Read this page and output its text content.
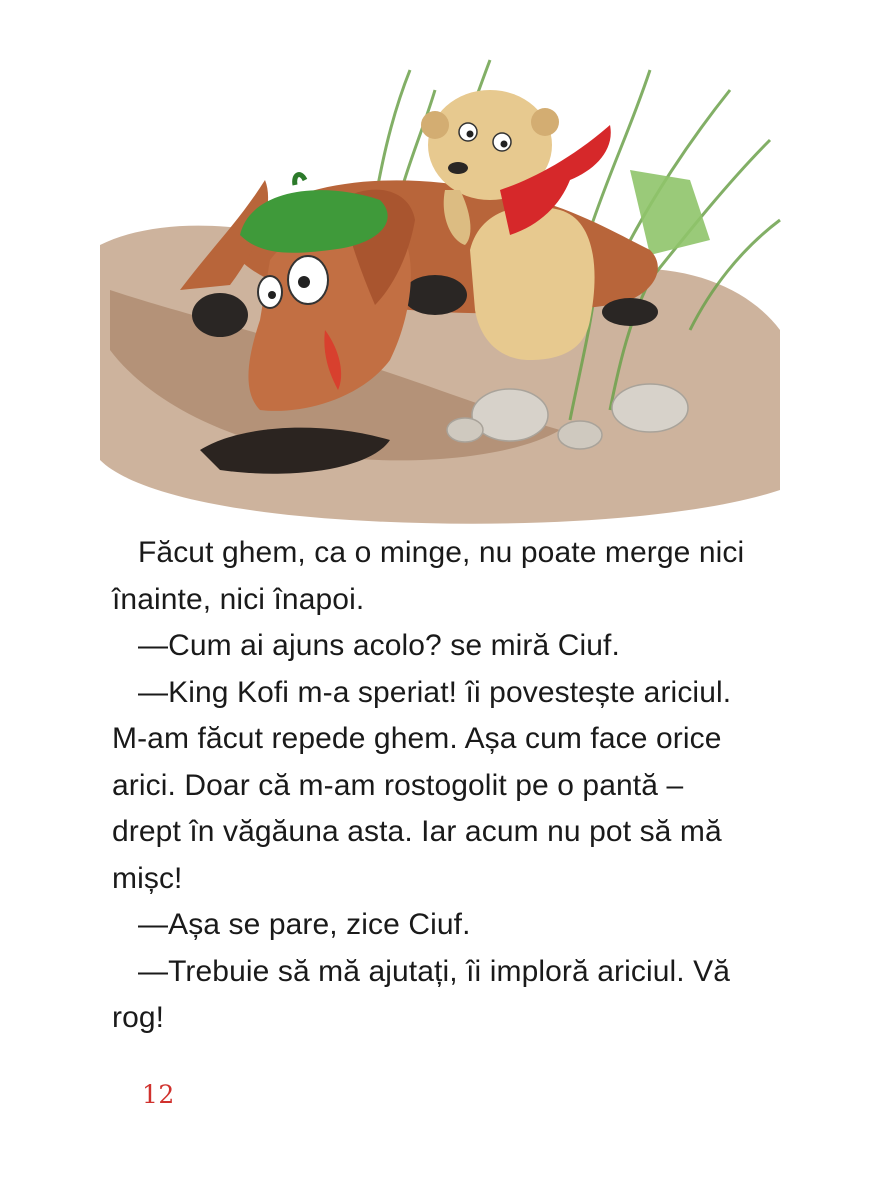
Făcut ghem, ca o minge, nu poate merge nici

înainte, nici înapoi.

—Cum ai ajuns acolo? se miră Ciuf.

—King Kofi m-a speriat! îi povestește ariciul.

M-am făcut repede ghem. Așa cum face orice

arici. Doar că m-am rostogolit pe o pantă –

drept în văgăuna asta. Iar acum nu pot să mă

mișc!

—Așa se pare, zice Ciuf.

—Trebuie să mă ajutați, îi imploră ariciul. Vă

rog!

12
